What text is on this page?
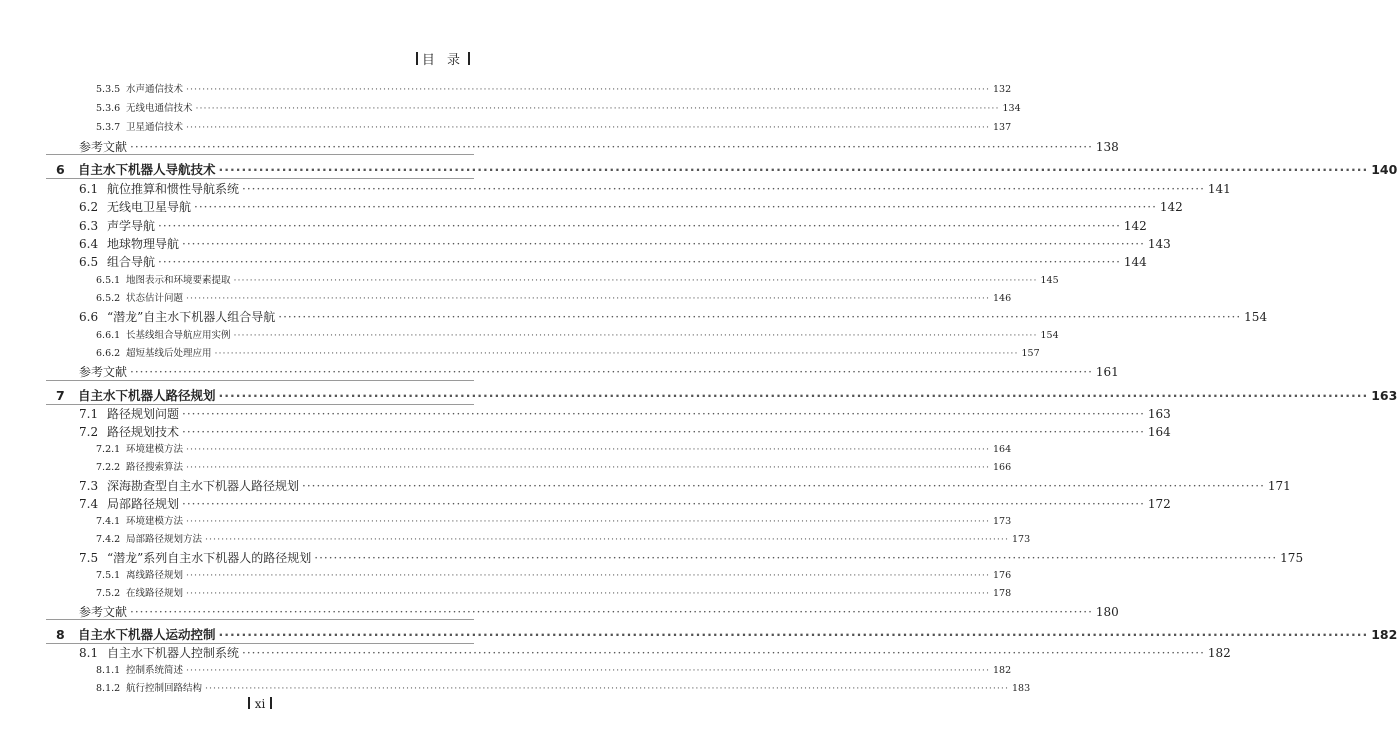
目 录
5.3.5 水声通信技术 ········································································································································································································ 132
5.3.6 无线电通信技术 ········································································································································································································ 134
5.3.7 卫星通信技术 ········································································································································································································ 137
参考文献 ········································································································································································································ 138
6	自主水下机器人导航技术 ········································································································································································································ 140
6.1 航位推算和惯性导航系统 ········································································································································································································ 141
6.2 无线电卫星导航 ········································································································································································································ 142
6.3 声学导航 ········································································································································································································ 142
6.4 地球物理导航 ········································································································································································································ 143
6.5 组合导航 ········································································································································································································ 144
6.5.1 地图表示和环境要素提取 ········································································································································································································ 145
6.5.2 状态估计问题 ········································································································································································································ 146
6.6 “潜龙”自主水下机器人组合导航 ········································································································································································································ 154
6.6.1 长基线组合导航应用实例 ········································································································································································································ 154
6.6.2 超短基线后处理应用 ········································································································································································································ 157
参考文献 ········································································································································································································ 161
7	自主水下机器人路径规划 ········································································································································································································ 163
7.1 路径规划问题 ········································································································································································································ 163
7.2 路径规划技术 ········································································································································································································ 164
7.2.1 环境建模方法 ········································································································································································································ 164
7.2.2 路径搜索算法 ········································································································································································································ 166
7.3 深海勘查型自主水下机器人路径规划 ········································································································································································································ 171
7.4 局部路径规划 ········································································································································································································ 172
7.4.1 环境建模方法 ········································································································································································································ 173
7.4.2 局部路径规划方法 ········································································································································································································ 173
7.5 “潜龙”系列自主水下机器人的路径规划 ········································································································································································································ 175
7.5.1 离线路径规划 ········································································································································································································ 176
7.5.2 在线路径规划 ········································································································································································································ 178
参考文献 ········································································································································································································ 180
8	自主水下机器人运动控制 ········································································································································································································ 182
8.1 自主水下机器人控制系统 ········································································································································································································ 182
8.1.1 控制系统简述 ········································································································································································································ 182
8.1.2 航行控制回路结构 ········································································································································································································ 183
xi
